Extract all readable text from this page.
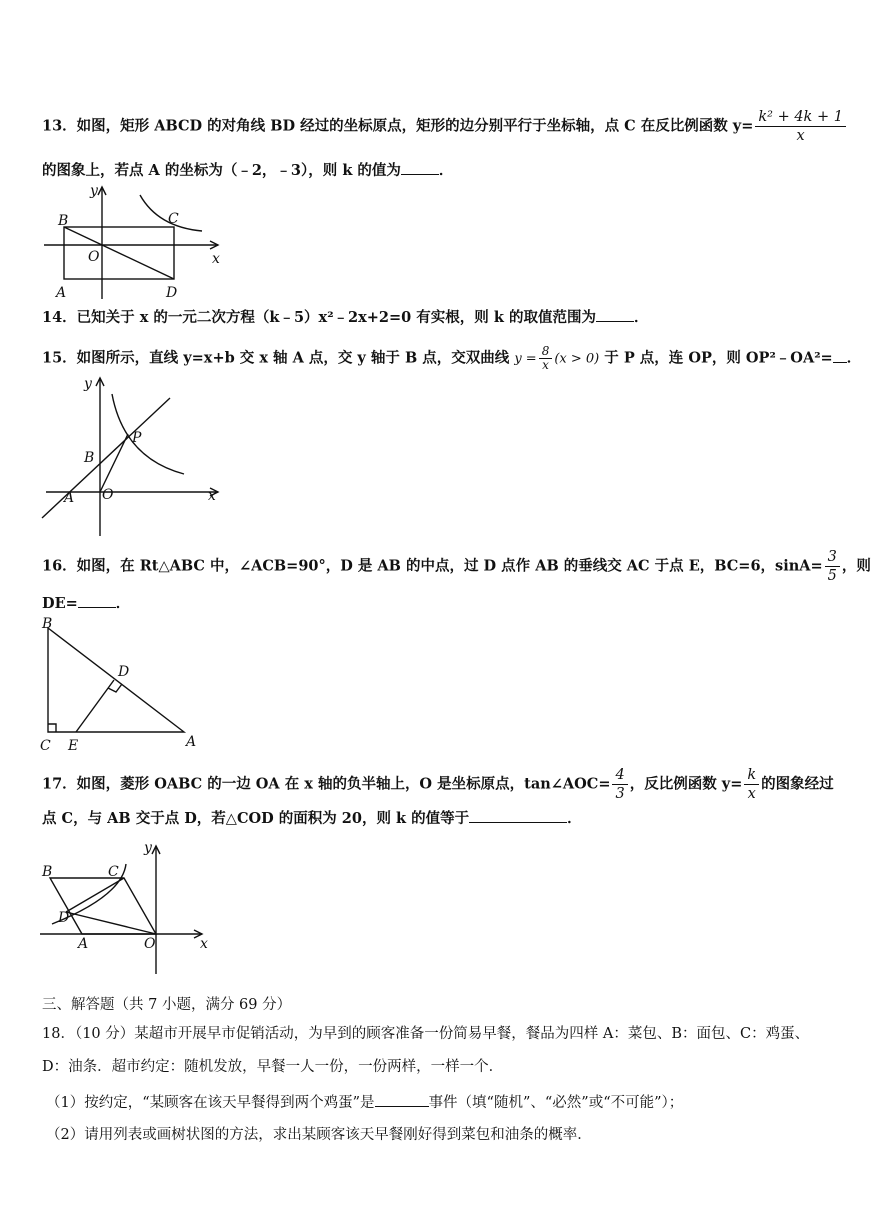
13．如图，矩形 ABCD 的对角线 BD 经过的坐标原点，矩形的边分别平行于坐标轴，点 C 在反比例函数 $y= \frac{\text{k² + 4k + 1}}{x}$
的图象上，若点 A 的坐标为（﹣2，﹣3），则 k 的值为	．
y
B	C
O	x
A	D
14．已知关于 x 的一元二次方程（k﹣5）x²﹣2x+2=0 有实根，则 k 的取值范围为	．
15．如图所示，直线 y=x+b 交 x 轴 A 点，交 y 轴于 B 点，交双曲线 $y = \frac{8}{x} (x > 0)$ 于 P 点，连 OP，则 OP²﹣OA²= ．
y
P
B
A O	x
16．如图，在 Rt△ABC 中，∠ACB=90°，D 是 AB 的中点，过 D 点作 AB 的垂线交 AC 于点 E，BC=6，$\sin A= \frac{3}{5}$ ，则
DE=	．
B
D
C E	A
17．如图，菱形 OABC 的一边 OA 在 x 轴的负半轴上，O 是坐标原点，tan∠AOC= $\frac{4}{3}$ ，反比例函数 $y= \frac{k}{x}$ 的图象经过
点 C，与 AB 交于点 D，若△COD 的面积为 20，则 k 的值等于	．
y
B	C
D
A	O	x
三、解答题（共 7 小题，满分 69 分）
18．（10 分）某超市开展早市促销活动，为早到的顾客准备一份简易早餐，餐品为四样 A：菜包、B：面包、C：鸡蛋、
D：油条．超市约定：随机发放，早餐一人一份，一份两样，一样一个．
（1）按约定，“某顾客在该天早餐得到两个鸡蛋”是	事件（填“随机”、“必然”或“不可能”）；
（2）请用列表或画树状图的方法，求出某顾客该天早餐刚好得到菜包和油条的概率．
